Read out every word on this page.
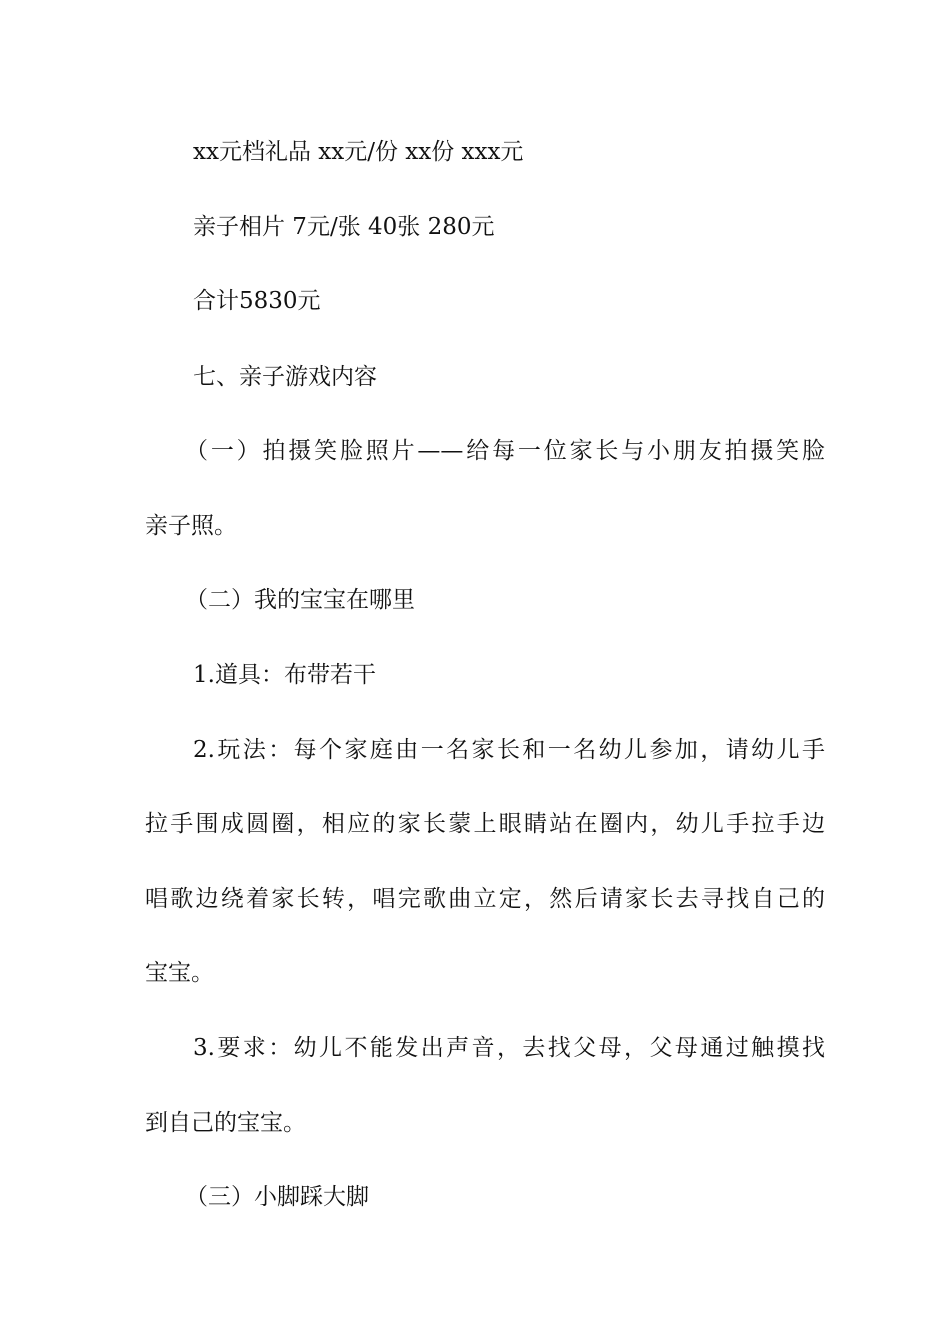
xx元档礼品 xx元/份 xx份 xxx元
亲子相片 7元/张 40张 280元
合计5830元
七、亲子游戏内容
（一）拍摄笑脸照片——给每一位家长与小朋友拍摄笑脸
亲子照。
（二）我的宝宝在哪里
1.道具：布带若干
2.玩法：每个家庭由一名家长和一名幼儿参加，请幼儿手
拉手围成圆圈，相应的家长蒙上眼睛站在圈内，幼儿手拉手边
唱歌边绕着家长转，唱完歌曲立定，然后请家长去寻找自己的
宝宝。
3.要求：幼儿不能发出声音，去找父母，父母通过触摸找
到自己的宝宝。
（三）小脚踩大脚
